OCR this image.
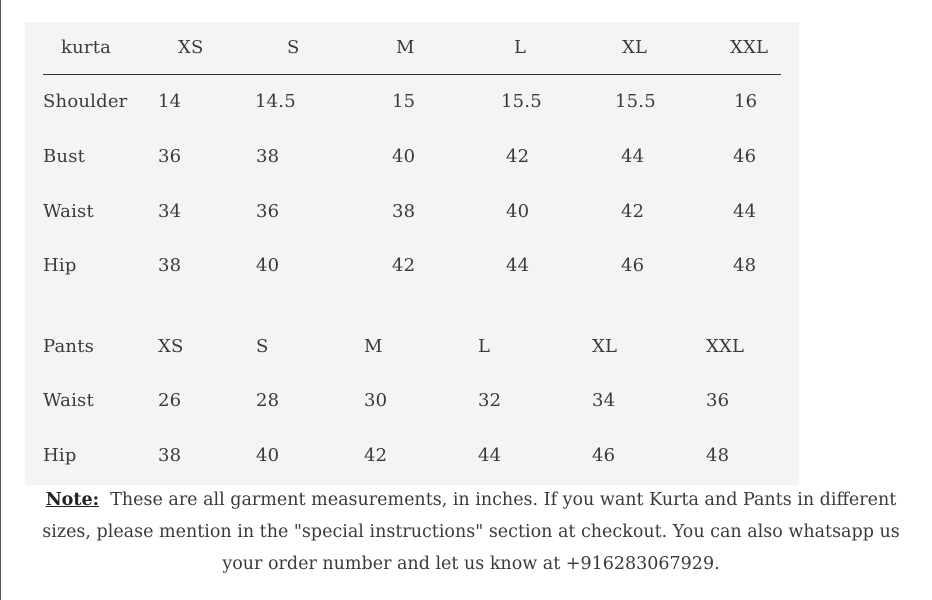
kurta	XS	S	M	L	XL	XXL
Shoulder 14	14.5	15	15.5	15.5	16
Bust	36	38	40	42	44	46
Waist	34	36	38	40	42	44
Hip	38	40	42	44	46	48
Pants	XS	S	M	L	XL	XXL
Waist	26	28	30	32	34	36
Hip	38	40	42	44	46	48
Note: These are all garment measurements, in inches. If you want Kurta and Pants in different sizes, please mention in the "special instructions" section at checkout. You can also whatsapp us your order number and let us know at +916283067929.
